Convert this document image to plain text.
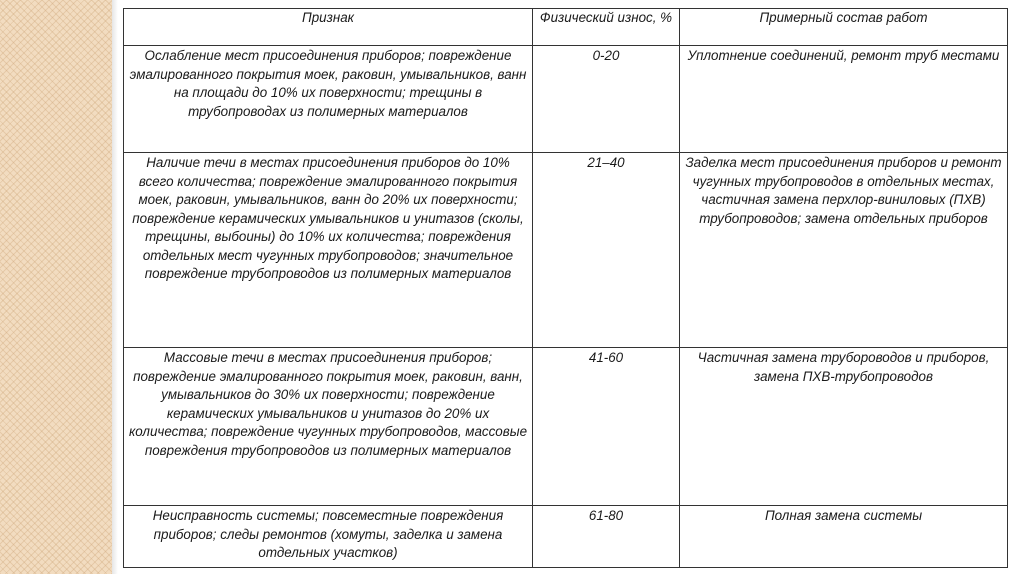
Признак	Физический износ, %	Примерный состав работ
Ослабление мест присоединения приборов; повреждение эмалированного покрытия моек, раковин, умывальников, ванн на площади до 10% их поверхности; трещины в трубопроводах из полимерных материалов	0-20	Уплотнение соединений, ремонт труб местами
Наличие течи в местах присоединения приборов до 10% всего количества; повреждение эмалированного покрытия моек, раковин, умывальников, ванн до 20% их поверхности; повреждение керамических умывальников и унитазов (сколы, трещины, выбоины) до 10% их количества; повреждения отдельных мест чугунных трубопроводов; значительное повреждение трубопроводов из полимерных материалов	21–40	Заделка мест присоединения приборов и ремонт чугунных трубопроводов в отдельных местах, частичная замена перхлор-виниловых (ПХВ) трубопроводов; замена отдельных приборов
Массовые течи в местах присоединения приборов; повреждение эмалированного покрытия моек, раковин, ванн, умывальников до 30% их поверхности; повреждение керамических умывальников и унитазов до 20% их количества; повреждение чугунных трубопроводов, массовые повреждения трубопроводов из полимерных материалов	41-60	Частичная замена трубороводов и приборов, замена ПХВ-трубопроводов
Неисправность системы; повсеместные повреждения приборов; следы ремонтов (хомуты, заделка и замена отдельных участков)	61-80	Полная замена системы
